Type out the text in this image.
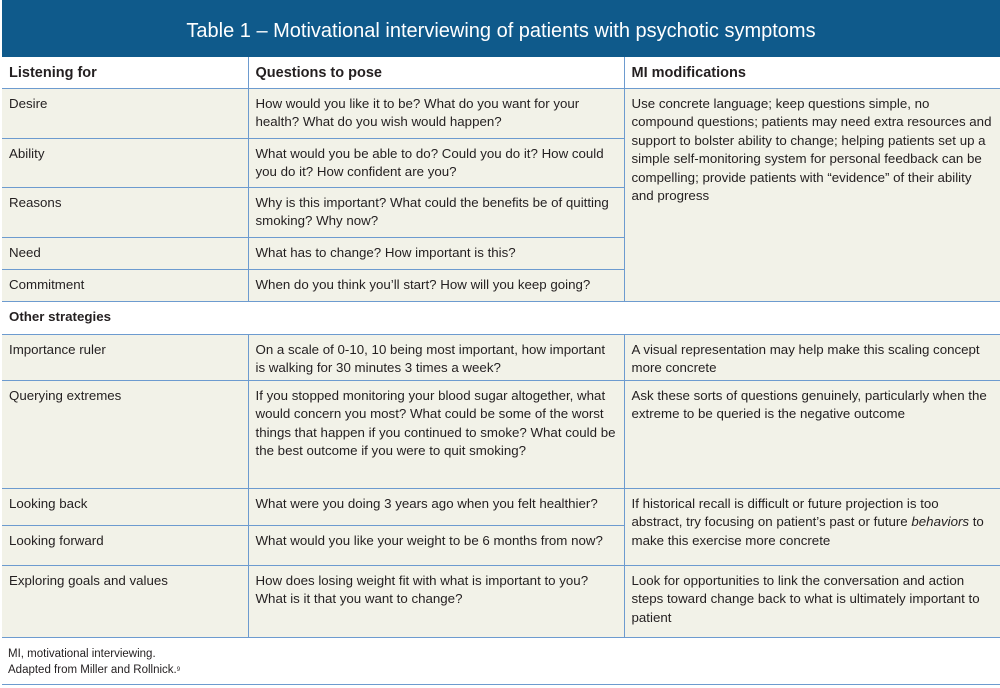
Table 1 – Motivational interviewing of patients with psychotic symptoms
Listening for	Questions to pose	MI modifications
Desire	How would you like it to be? What do you want for your health? What do you wish would happen?	Use concrete language; keep questions simple, no compound questions; patients may need extra resources and support to bolster ability to change; helping patients set up a simple self-monitoring system for personal feedback can be compelling; provide patients with “evidence” of their ability and progress
Ability	What would you be able to do? Could you do it? How could you do it? How confident are you?	
Reasons	Why is this important? What could the benefits be of quitting smoking? Why now?	
Need	What has to change? How important is this?	
Commitment	When do you think you’ll start? How will you keep going?	
Other strategies		
Importance ruler	On a scale of 0-10, 10 being most important, how important is walking for 30 minutes 3 times a week?	A visual representation may help make this scaling concept more concrete
Querying extremes	If you stopped monitoring your blood sugar altogether, what would concern you most? What could be some of the worst things that happen if you continued to smoke? What could be the best outcome if you were to quit smoking?	Ask these sorts of questions genuinely, particularly when the extreme to be queried is the negative outcome
Looking back	What were you doing 3 years ago when you felt healthier?	If historical recall is difficult or future projection is too abstract, try focusing on patient’s past or future behaviors to make this exercise more concrete
Looking forward	What would you like your weight to be 6 months from now?	
Exploring goals and values	How does losing weight fit with what is important to you? What is it that you want to change?	Look for opportunities to link the conversation and action steps toward change back to what is ultimately important to patient

MI, motivational interviewing.
Adapted from Miller and Rollnick.$^9$
